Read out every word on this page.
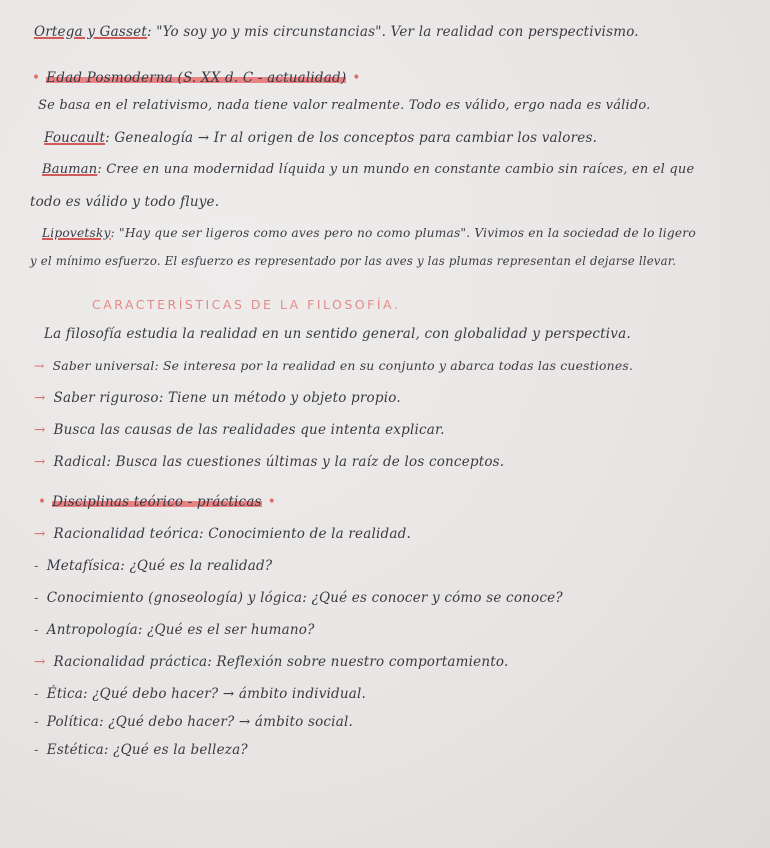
Ortega y Gasset: "Yo soy yo y mis circunstancias". Ver la realidad con perspectivismo.
• Edad Posmoderna (S. XX d. C - actualidad) •
Se basa en el relativismo, nada tiene valor realmente. Todo es válido, ergo nada es válido.
Foucault: Genealogía → Ir al origen de los conceptos para cambiar los valores.
Bauman: Cree en una modernidad líquida y un mundo en constante cambio sin raíces, en el que
todo es válido y todo fluye.
Lipovetsky: "Hay que ser ligeros como aves pero no como plumas". Vivimos en la sociedad de lo ligero
y el mínimo esfuerzo. El esfuerzo es representado por las aves y las plumas representan el dejarse llevar.
CARACTERÍSTICAS DE LA FILOSOFÍA.
La filosofía estudia la realidad en un sentido general, con globalidad y perspectiva.
→ Saber universal: Se interesa por la realidad en su conjunto y abarca todas las cuestiones.
→ Saber riguroso: Tiene un método y objeto propio.
→ Busca las causas de las realidades que intenta explicar.
→ Radical: Busca las cuestiones últimas y la raíz de los conceptos.
• Disciplinas teórico - prácticas •
→ Racionalidad teórica: Conocimiento de la realidad.
- Metafísica: ¿Qué es la realidad?
- Conocimiento (gnoseología) y lógica: ¿Qué es conocer y cómo se conoce?
- Antropología: ¿Qué es el ser humano?
→ Racionalidad práctica: Reflexión sobre nuestro comportamiento.
- Ética: ¿Qué debo hacer? → ámbito individual.
- Política: ¿Qué debo hacer? → ámbito social.
- Estética: ¿Qué es la belleza?
